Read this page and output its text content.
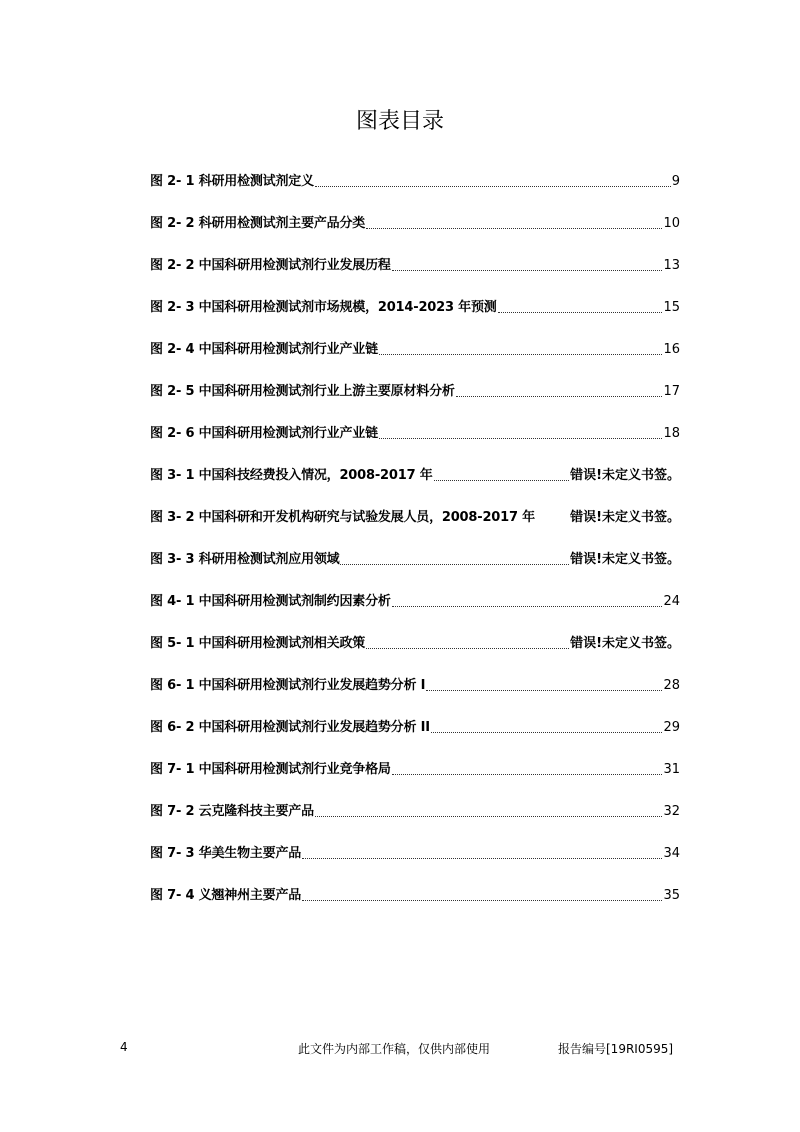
图表目录
图 2- 1 科研用检测试剂定义	9
图 2- 2 科研用检测试剂主要产品分类	10
图 2- 2 中国科研用检测试剂行业发展历程	13
图 2- 3 中国科研用检测试剂市场规模，2014-2023 年预测	15
图 2- 4 中国科研用检测试剂行业产业链	16
图 2- 5 中国科研用检测试剂行业上游主要原材料分析	17
图 2- 6 中国科研用检测试剂行业产业链	18
图 3- 1 中国科技经费投入情况，2008-2017 年	错误!未定义书签。
图 3- 2 中国科研和开发机构研究与试验发展人员，2008-2017 年	错误!未定义书签。
图 3- 3 科研用检测试剂应用领域	错误!未定义书签。
图 4- 1 中国科研用检测试剂制约因素分析	24
图 5- 1 中国科研用检测试剂相关政策	错误!未定义书签。
图 6- 1 中国科研用检测试剂行业发展趋势分析 I	28
图 6- 2 中国科研用检测试剂行业发展趋势分析 II	29
图 7- 1 中国科研用检测试剂行业竞争格局	31
图 7- 2 云克隆科技主要产品	32
图 7- 3 华美生物主要产品	34
图 7- 4 义翘神州主要产品	35
4	此文件为内部工作稿，仅供内部使用	报告编号[19RI0595]
